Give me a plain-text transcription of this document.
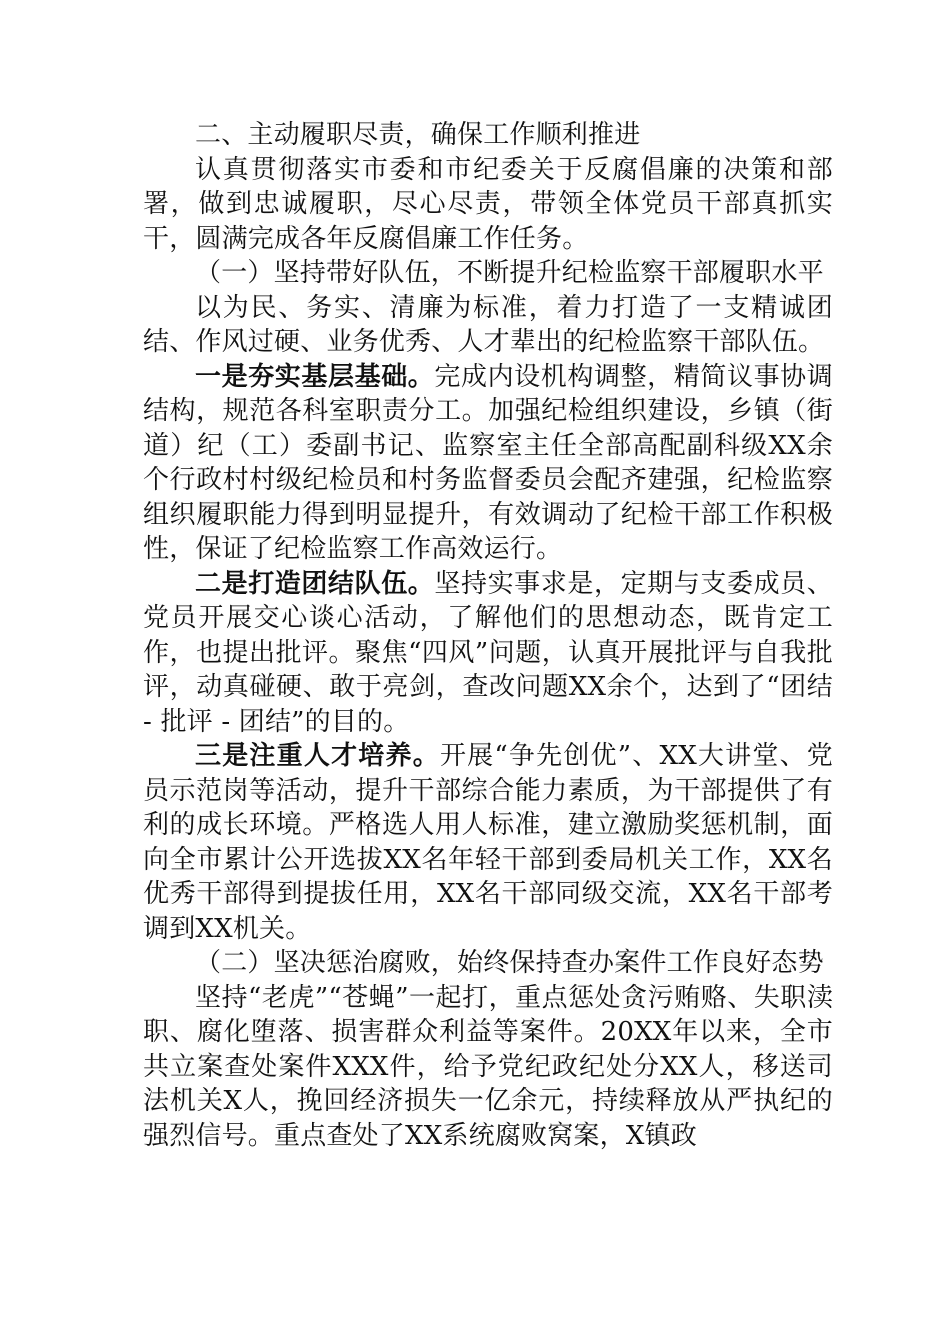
二、主动履职尽责，确保工作顺利推进

认真贯彻落实市委和市纪委关于反腐倡廉的决策和部署，做到忠诚履职，尽心尽责，带领全体党员干部真抓实干，圆满完成各年反腐倡廉工作任务。

（一）坚持带好队伍，不断提升纪检监察干部履职水平

以为民、务实、清廉为标准，着力打造了一支精诚团结、作风过硬、业务优秀、人才辈出的纪检监察干部队伍。

一是夯实基层基础。完成内设机构调整，精简议事协调结构，规范各科室职责分工。加强纪检组织建设，乡镇（街道）纪（工）委副书记、监察室主任全部高配副科级XX余个行政村村级纪检员和村务监督委员会配齐建强，纪检监察组织履职能力得到明显提升，有效调动了纪检干部工作积极性，保证了纪检监察工作高效运行。

二是打造团结队伍。坚持实事求是，定期与支委成员、党员开展交心谈心活动，了解他们的思想动态，既肯定工作，也提出批评。聚焦“四风”问题，认真开展批评与自我批评，动真碰硬、敢于亮剑，查改问题XX余个，达到了“团结 - 批评 - 团结”的目的。

三是注重人才培养。开展“争先创优”、XX大讲堂、党员示范岗等活动，提升干部综合能力素质，为干部提供了有利的成长环境。严格选人用人标准，建立激励奖惩机制，面向全市累计公开选拔XX名年轻干部到委局机关工作，XX名优秀干部得到提拔任用，XX名干部同级交流，XX名干部考调到XX机关。

（二）坚决惩治腐败，始终保持查办案件工作良好态势

坚持“老虎”“苍蝇”一起打，重点惩处贪污贿赂、失职渎职、腐化堕落、损害群众利益等案件。20XX年以来，全市共立案查处案件XXX件，给予党纪政纪处分XX人，移送司法机关X人，挽回经济损失一亿余元，持续释放从严执纪的强烈信号。重点查处了XX系统腐败窝案，X镇政
